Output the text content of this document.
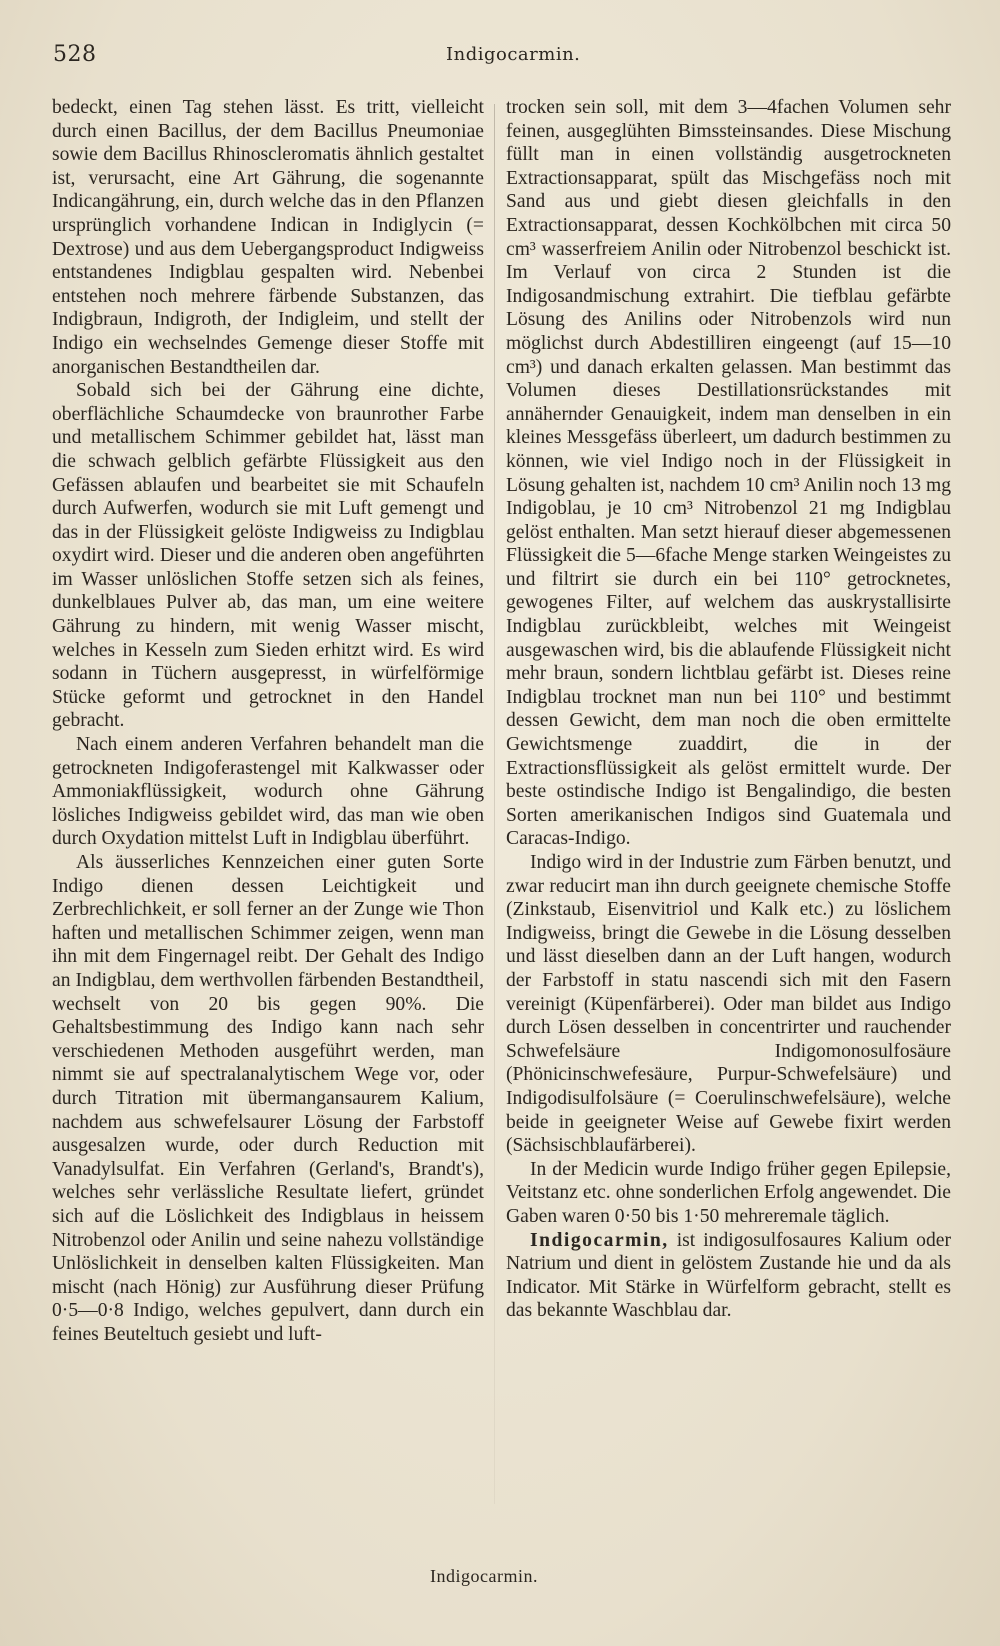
528	Indigocarmin.

bedeckt, einen Tag stehen lässt. Es tritt, vielleicht durch einen Bacillus, der dem Bacillus Pneumoniae sowie dem Bacillus Rhinoscleromatis ähnlich gestaltet ist, verursacht, eine Art Gährung, die sogenannte Indicangährung, ein, durch welche das in den Pflanzen ursprünglich vorhandene Indican in Indiglycin (= Dextrose) und aus dem Uebergangsproduct Indigweiss entstandenes Indigblau gespalten wird. Nebenbei entstehen noch mehrere färbende Substanzen, das Indigbraun, Indigroth, der Indigleim, und stellt der Indigo ein wechselndes Gemenge dieser Stoffe mit anorganischen Bestandtheilen dar.

Sobald sich bei der Gährung eine dichte, oberflächliche Schaumdecke von braunrother Farbe und metallischem Schimmer gebildet hat, lässt man die schwach gelblich gefärbte Flüssigkeit aus den Gefässen ablaufen und bearbeitet sie mit Schaufeln durch Aufwerfen, wodurch sie mit Luft gemengt und das in der Flüssigkeit gelöste Indigweiss zu Indigblau oxydirt wird. Dieser und die anderen oben angeführten im Wasser unlöslichen Stoffe setzen sich als feines, dunkelblaues Pulver ab, das man, um eine weitere Gährung zu hindern, mit wenig Wasser mischt, welches in Kesseln zum Sieden erhitzt wird. Es wird sodann in Tüchern ausgepresst, in würfelförmige Stücke geformt und getrocknet in den Handel gebracht.

Nach einem anderen Verfahren behandelt man die getrockneten Indigoferastengel mit Kalkwasser oder Ammoniakflüssigkeit, wodurch ohne Gährung lösliches Indigweiss gebildet wird, das man wie oben durch Oxydation mittelst Luft in Indigblau überführt.

Als äusserliches Kennzeichen einer guten Sorte Indigo dienen dessen Leichtigkeit und Zerbrechlichkeit, er soll ferner an der Zunge wie Thon haften und metallischen Schimmer zeigen, wenn man ihn mit dem Fingernagel reibt. Der Gehalt des Indigo an Indigblau, dem werthvollen färbenden Bestandtheil, wechselt von 20 bis gegen 90%. Die Gehaltsbestimmung des Indigo kann nach sehr verschiedenen Methoden ausgeführt werden, man nimmt sie auf spectralanalytischem Wege vor, oder durch Titration mit übermangansaurem Kalium, nachdem aus schwefelsaurer Lösung der Farbstoff ausgesalzen wurde, oder durch Reduction mit Vanadylsulfat. Ein Verfahren (Gerland's, Brandt's), welches sehr verlässliche Resultate liefert, gründet sich auf die Löslichkeit des Indigblaus in heissem Nitrobenzol oder Anilin und seine nahezu vollständige Unlöslichkeit in denselben kalten Flüssigkeiten. Man mischt (nach Hönig) zur Ausführung dieser Prüfung 0·5—0·8 Indigo, welches gepulvert, dann durch ein feines Beuteltuch gesiebt und luft-

trocken sein soll, mit dem 3—4fachen Volumen sehr feinen, ausgeglühten Bimssteinsandes. Diese Mischung füllt man in einen vollständig ausgetrockneten Extractionsapparat, spült das Mischgefäss noch mit Sand aus und giebt diesen gleichfalls in den Extractionsapparat, dessen Kochkölbchen mit circa 50 cm³ wasserfreiem Anilin oder Nitrobenzol beschickt ist. Im Verlauf von circa 2 Stunden ist die Indigosandmischung extrahirt. Die tiefblau gefärbte Lösung des Anilins oder Nitrobenzols wird nun möglichst durch Abdestilliren eingeengt (auf 15—10 cm³) und danach erkalten gelassen. Man bestimmt das Volumen dieses Destillationsrückstandes mit annähernder Genauigkeit, indem man denselben in ein kleines Messgefäss überleert, um dadurch bestimmen zu können, wie viel Indigo noch in der Flüssigkeit in Lösung gehalten ist, nachdem 10 cm³ Anilin noch 13 mg Indigoblau, je 10 cm³ Nitrobenzol 21 mg Indigblau gelöst enthalten. Man setzt hierauf dieser abgemessenen Flüssigkeit die 5—6fache Menge starken Weingeistes zu und filtrirt sie durch ein bei 110° getrocknetes, gewogenes Filter, auf welchem das auskrystallisirte Indigblau zurückbleibt, welches mit Weingeist ausgewaschen wird, bis die ablaufende Flüssigkeit nicht mehr braun, sondern lichtblau gefärbt ist. Dieses reine Indigblau trocknet man nun bei 110° und bestimmt dessen Gewicht, dem man noch die oben ermittelte Gewichtsmenge zuaddirt, die in der Extractionsflüssigkeit als gelöst ermittelt wurde. Der beste ostindische Indigo ist Bengalindigo, die besten Sorten amerikanischen Indigos sind Guatemala und Caracas-Indigo.

Indigo wird in der Industrie zum Färben benutzt, und zwar reducirt man ihn durch geeignete chemische Stoffe (Zinkstaub, Eisenvitriol und Kalk etc.) zu löslichem Indigweiss, bringt die Gewebe in die Lösung desselben und lässt dieselben dann an der Luft hangen, wodurch der Farbstoff in statu nascendi sich mit den Fasern vereinigt (Küpenfärberei). Oder man bildet aus Indigo durch Lösen desselben in concentrirter und rauchender Schwefelsäure Indigomonosulfosäure (Phönicinschwefesäure, Purpur-Schwefelsäure) und Indigodisulfolsäure (= Coerulinschwefelsäure), welche beide in geeigneter Weise auf Gewebe fixirt werden (Sächsischblaufärberei).

In der Medicin wurde Indigo früher gegen Epilepsie, Veitstanz etc. ohne sonderlichen Erfolg angewendet. Die Gaben waren 0·50 bis 1·50 mehreremale täglich.

Indigocarmin, ist indigosulfosaures Kalium oder Natrium und dient in gelöstem Zustande hie und da als Indicator. Mit Stärke in Würfelform gebracht, stellt es das bekannte Waschblau dar.

Indigocarmin.
